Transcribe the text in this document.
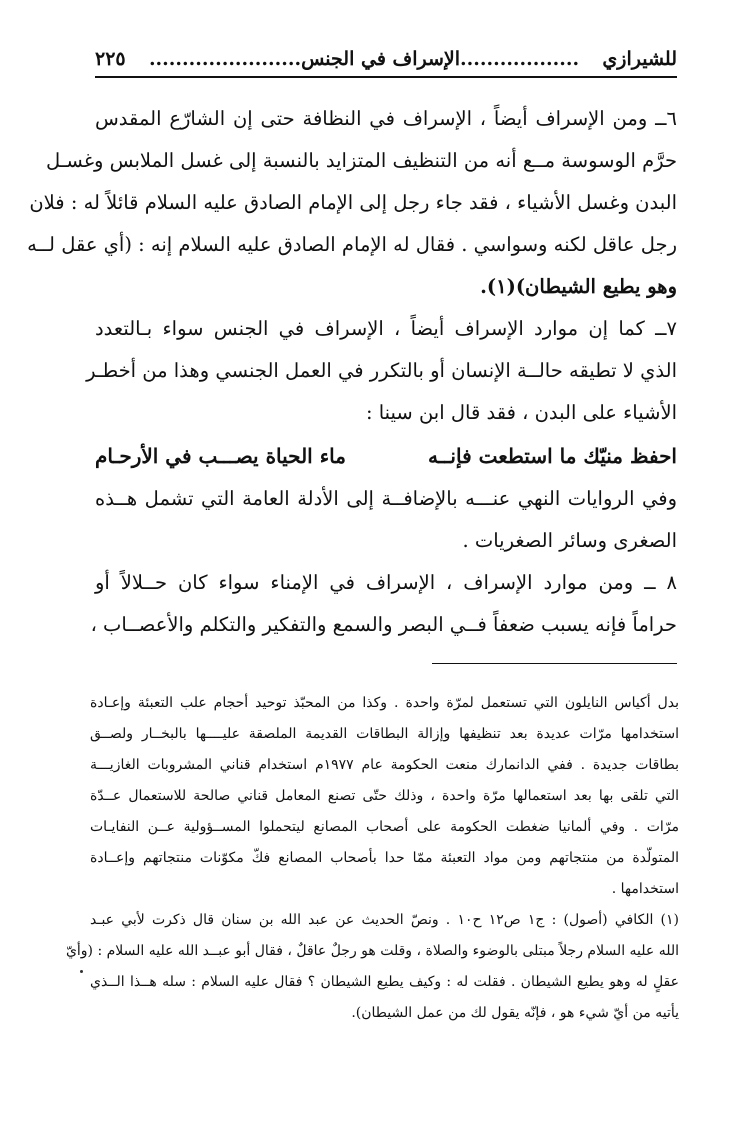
للشيرازي
..................الإسراف في الجنس.......................
٢٢٥
٦ــ ومن الإسراف أيضاً ، الإسراف في النظافة حتى إن الشارّع المقدس
حرَّم الوسوسة مــع أنه من التنظيف المتزايد بالنسبة إلى غسل الملابس وغسـل
البدن وغسل الأشياء ، فقد جاء رجل إلى الإمام الصادق عليه السلام قائلاً له : فلان
رجل عاقل لكنه وسواسي . فقال له الإمام الصادق عليه السلام إنه : (أي عقل لــه
وهو يطيع الشيطان)(١).
٧ــ كما إن موارد الإسراف أيضاً ، الإسراف في الجنس سواء بـالتعدد
الذي لا تطيقه حالــة الإنسان أو بالتكرر في العمل الجنسي وهذا من أخطـر
الأشياء على البدن ، فقد قال ابن سينا :
احفظ منيّك ما استطعت فإنــه
ماء الحياة يصـــب في الأرحـام
وفي الروايات النهي عنـــه بالإضافــة إلى الأدلة العامة التي تشمل هــذه
الصغرى وسائر الصغريات .
٨ ــ ومن موارد الإسراف ، الإسراف في الإمناء سواء كان حــلالاً أو
حراماً فإنه يسبب ضعفاً فــي البصر والسمع والتفكير والتكلم والأعصــاب ،
بدل أكياس النايلون التي تستعمل لمرّة واحدة . وكذا من المحبّذ توحيد أحجام علب التعبئة وإعـادة
استخدامها مرّات عديدة بعد تنظيفها وإزالة البطاقات القديمة الملصقة عليــــها بالبخــار ولصــق
بطاقات جديدة . ففي الدانمارك منعت الحكومة عام ١٩٧٧م استخدام قناني المشروبات الغازيـــة
التي تلقى بها بعد استعمالها مرّة واحدة ، وذلك حتّى تصنع المعامل قناني صالحة للاستعمال عــدّة
مرّات . وفي ألمانيا ضغطت الحكومة على أصحاب المصانع ليتحملوا المســؤولية عــن النفايـات
المتولّدة من منتجاتهم ومن مواد التعبئة ممّا حدا بأصحاب المصانع فكّ مكوّنات منتجاتهم وإعــادة
استخدامها .
(١) الكافي (أصول) : ج١ ص١٢ ح١٠ . ونصّ الحديث عن عبد الله بن سنان قال ذكرت لأبي عبـد
الله عليه السلام رجلاً مبتلى بالوضوء والصلاة ، وقلت هو رجلٌ عاقلٌ ، فقال أبو عبــد الله عليه السلام : (وأيّ
عقلٍ له وهو يطيع الشيطان . فقلت له : وكيف يطيع الشيطان ؟ فقال عليه السلام : سله هــذا الــذي
يأتيه من أيّ شيء هو ، فإنّه يقول لك من عمل الشيطان).
